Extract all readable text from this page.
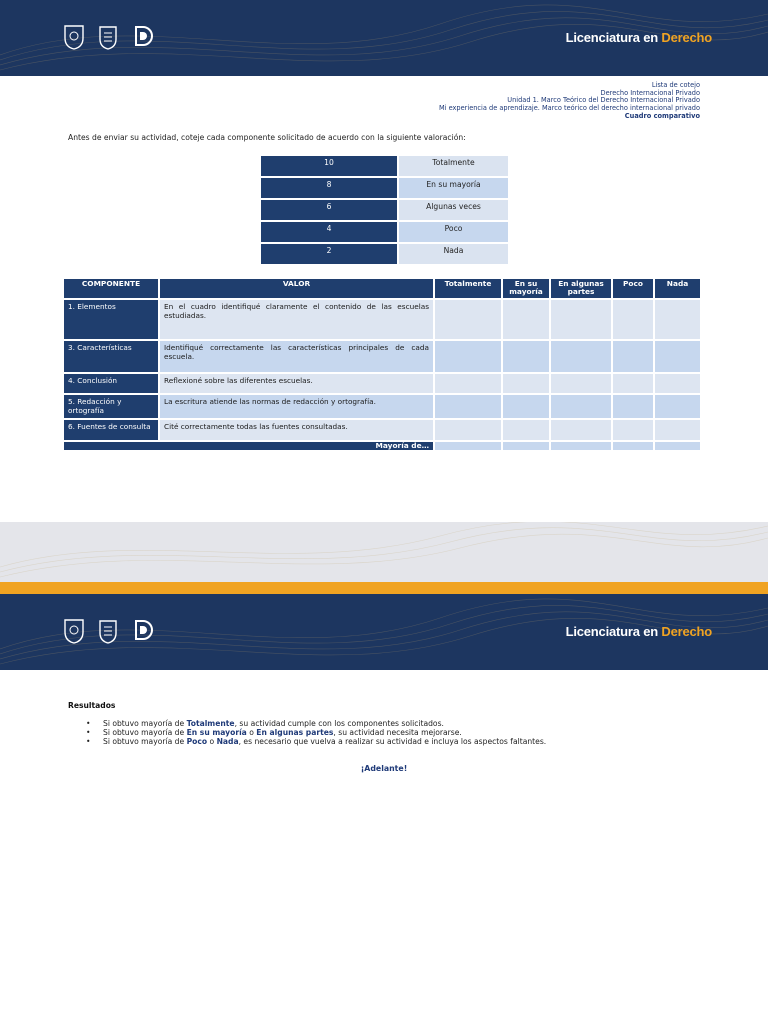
Licenciatura en Derecho
Lista de cotejo
Derecho Internacional Privado
Unidad 1. Marco Teórico del Derecho Internacional Privado
Mi experiencia de aprendizaje. Marco teórico del derecho internacional privado
Cuadro comparativo
Antes de enviar su actividad, coteje cada componente solicitado de acuerdo con la siguiente valoración:
10	Totalmente
8	En su mayoría
6	Algunas veces
4	Poco
2	Nada
COMPONENTE	VALOR	Totalmente	En su mayoría	En algunas partes	Poco	Nada
1. Elementos	En el cuadro identifiqué claramente el contenido de las escuelas estudiadas.					
3. Características	Identifiqué correctamente las características principales de cada escuela.					
4. Conclusión	Reflexioné sobre las diferentes escuelas.					
5. Redacción y ortografía	La escritura atiende las normas de redacción y ortografía.					
6. Fuentes de consulta	Cité correctamente todas las fuentes consultadas.					
Mayoría de…						
Licenciatura en Derecho
Resultados
• Si obtuvo mayoría de Totalmente, su actividad cumple con los componentes solicitados.
• Si obtuvo mayoría de En su mayoría o En algunas partes, su actividad necesita mejorarse.
• Si obtuvo mayoría de Poco o Nada, es necesario que vuelva a realizar su actividad e incluya los aspectos faltantes.
¡Adelante!
